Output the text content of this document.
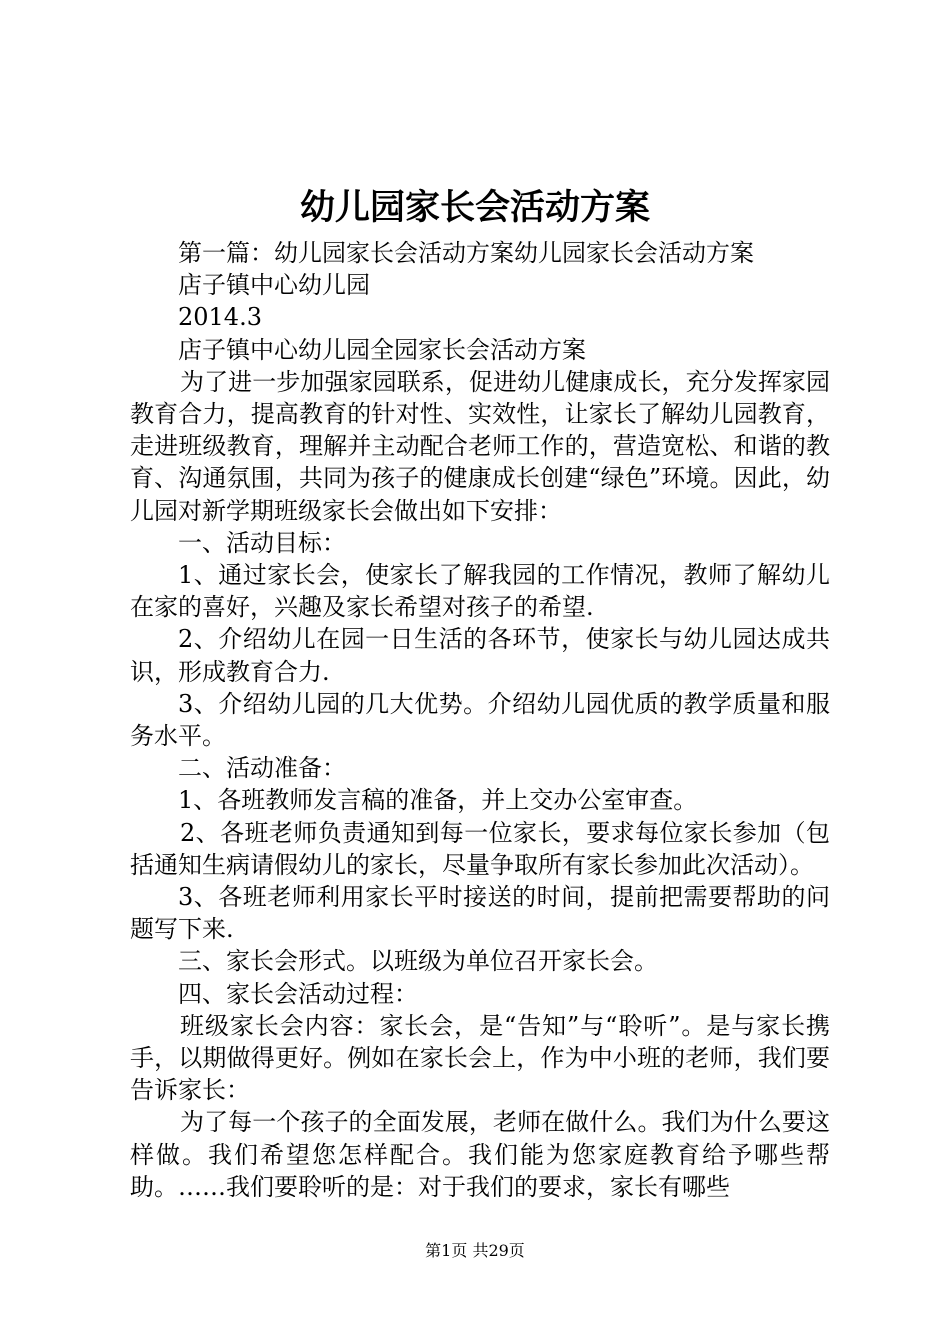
幼儿园家长会活动方案

第一篇：幼儿园家长会活动方案幼儿园家长会活动方案

店子镇中心幼儿园

2014.3

店子镇中心幼儿园全园家长会活动方案

为了进一步加强家园联系，促进幼儿健康成长，充分发挥家园教育合力，提高教育的针对性、实效性，让家长了解幼儿园教育，走进班级教育，理解并主动配合老师工作的，营造宽松、和谐的教育、沟通氛围，共同为孩子的健康成长创建“绿色”环境。因此，幼儿园对新学期班级家长会做出如下安排：

一、活动目标：

1、通过家长会，使家长了解我园的工作情况，教师了解幼儿在家的喜好，兴趣及家长希望对孩子的希望.

2、介绍幼儿在园一日生活的各环节，使家长与幼儿园达成共识，形成教育合力.

3、介绍幼儿园的几大优势。介绍幼儿园优质的教学质量和服务水平。

二、活动准备：

1、各班教师发言稿的准备，并上交办公室审查。

2、各班老师负责通知到每一位家长，要求每位家长参加（包括通知生病请假幼儿的家长，尽量争取所有家长参加此次活动）。

3、各班老师利用家长平时接送的时间，提前把需要帮助的问题写下来.

三、家长会形式。以班级为单位召开家长会。

四、家长会活动过程：

班级家长会内容：家长会，是“告知”与“聆听”。是与家长携手，以期做得更好。例如在家长会上，作为中小班的老师，我们要告诉家长：

为了每一个孩子的全面发展，老师在做什么。我们为什么要这样做。我们希望您怎样配合。我们能为您家庭教育给予哪些帮助。……我们要聆听的是：对于我们的要求，家长有哪些

第1页 共29页
